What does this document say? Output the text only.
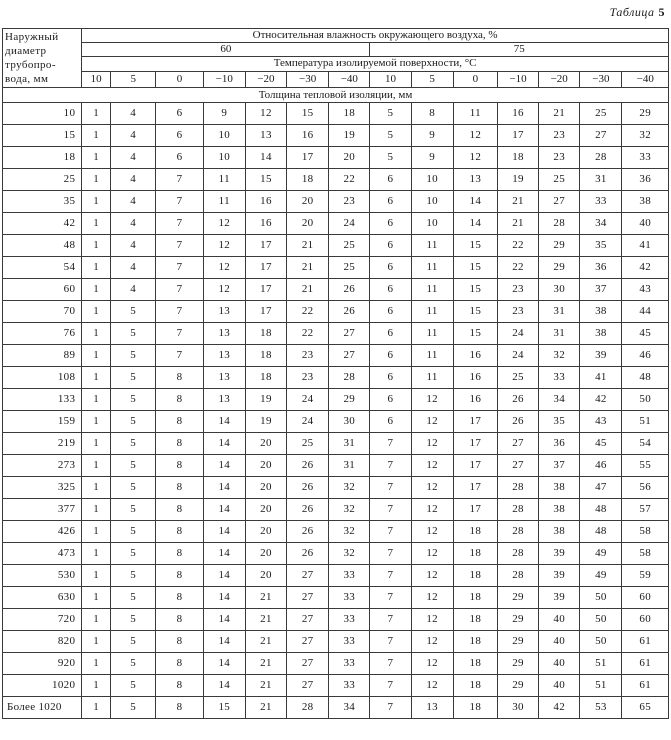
Таблица 5
Наружный диаметр трубопро-вода, мм	Относительная влажность окружающего воздуха, %													
	60							75						
	Температура изолируемой поверхности, °С													
	10	5	0	−10	−20	−30	−40	10	5	0	−10	−20	−30	−40
Толщина тепловой изоляции, мм														
10	1	4	6	9	12	15	18	5	8	11	16	21	25	29
15	1	4	6	10	13	16	19	5	9	12	17	23	27	32
18	1	4	6	10	14	17	20	5	9	12	18	23	28	33
25	1	4	7	11	15	18	22	6	10	13	19	25	31	36
35	1	4	7	11	16	20	23	6	10	14	21	27	33	38
42	1	4	7	12	16	20	24	6	10	14	21	28	34	40
48	1	4	7	12	17	21	25	6	11	15	22	29	35	41
54	1	4	7	12	17	21	25	6	11	15	22	29	36	42
60	1	4	7	12	17	21	26	6	11	15	23	30	37	43
70	1	5	7	13	17	22	26	6	11	15	23	31	38	44
76	1	5	7	13	18	22	27	6	11	15	24	31	38	45
89	1	5	7	13	18	23	27	6	11	16	24	32	39	46
108	1	5	8	13	18	23	28	6	11	16	25	33	41	48
133	1	5	8	13	19	24	29	6	12	16	26	34	42	50
159	1	5	8	14	19	24	30	6	12	17	26	35	43	51
219	1	5	8	14	20	25	31	7	12	17	27	36	45	54
273	1	5	8	14	20	26	31	7	12	17	27	37	46	55
325	1	5	8	14	20	26	32	7	12	17	28	38	47	56
377	1	5	8	14	20	26	32	7	12	17	28	38	48	57
426	1	5	8	14	20	26	32	7	12	18	28	38	48	58
473	1	5	8	14	20	26	32	7	12	18	28	39	49	58
530	1	5	8	14	20	27	33	7	12	18	28	39	49	59
630	1	5	8	14	21	27	33	7	12	18	29	39	50	60
720	1	5	8	14	21	27	33	7	12	18	29	40	50	60
820	1	5	8	14	21	27	33	7	12	18	29	40	50	61
920	1	5	8	14	21	27	33	7	12	18	29	40	51	61
1020	1	5	8	14	21	27	33	7	12	18	29	40	51	61
Более 1020	1	5	8	15	21	28	34	7	13	18	30	42	53	65
